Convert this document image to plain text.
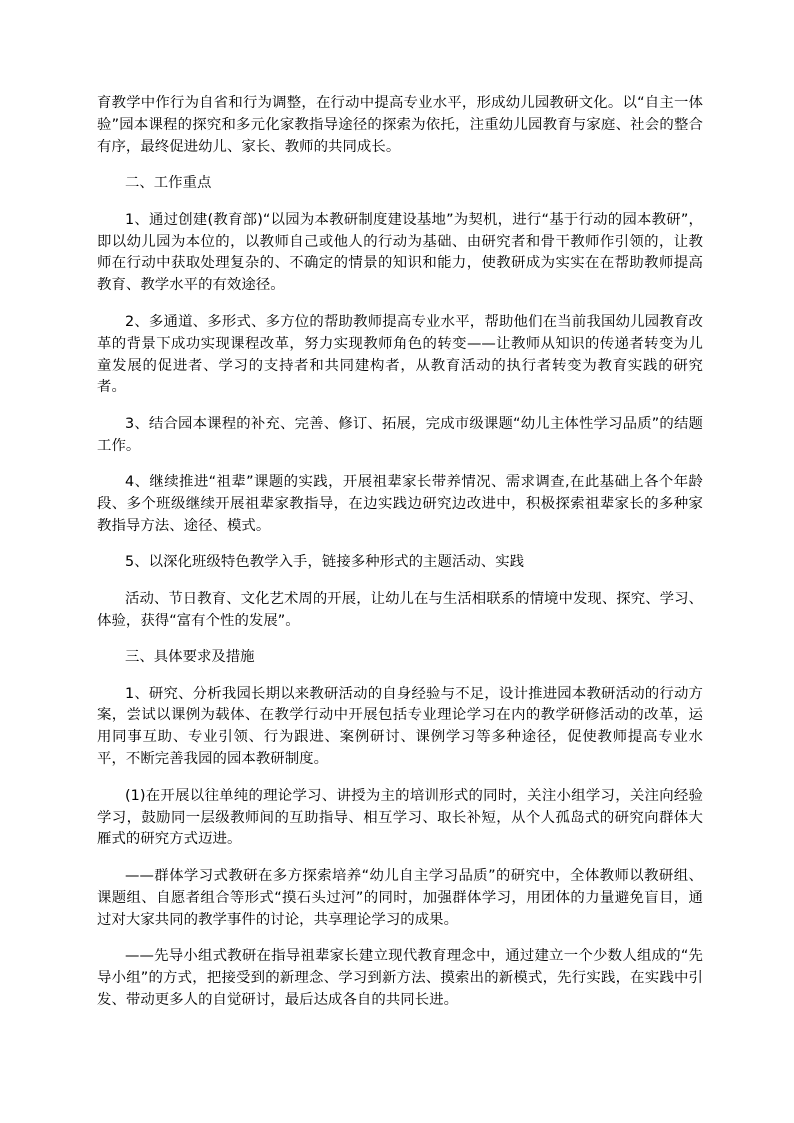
育教学中作行为自省和行为调整，在行动中提高专业水平，形成幼儿园教研文化。以“自主一体验”园本课程的探究和多元化家教指导途径的探索为依托，注重幼儿园教育与家庭、社会的整合有序，最终促进幼儿、家长、教师的共同成长。

二、工作重点

1、通过创建(教育部)“以园为本教研制度建设基地”为契机，进行“基于行动的园本教研”，即以幼儿园为本位的，以教师自己或他人的行动为基础、由研究者和骨干教师作引领的，让教师在行动中获取处理复杂的、不确定的情景的知识和能力，使教研成为实实在在帮助教师提高教育、教学水平的有效途径。

2、多通道、多形式、多方位的帮助教师提高专业水平，帮助他们在当前我国幼儿园教育改革的背景下成功实现课程改革，努力实现教师角色的转变——让教师从知识的传递者转变为儿童发展的促进者、学习的支持者和共同建构者，从教育活动的执行者转变为教育实践的研究者。

3、结合园本课程的补充、完善、修订、拓展，完成市级课题“幼儿主体性学习品质”的结题工作。

4、继续推进“祖辈”课题的实践，开展祖辈家长带养情况、需求调查,在此基础上各个年龄段、多个班级继续开展祖辈家教指导，在边实践边研究边改进中，积极探索祖辈家长的多种家教指导方法、途径、模式。

5、以深化班级特色教学入手，链接多种形式的主题活动、实践

活动、节日教育、文化艺术周的开展，让幼儿在与生活相联系的情境中发现、探究、学习、体验，获得“富有个性的发展”。

三、具体要求及措施

1、研究、分析我园长期以来教研活动的自身经验与不足，设计推进园本教研活动的行动方案，尝试以课例为载体、在教学行动中开展包括专业理论学习在内的教学研修活动的改革，运用同事互助、专业引领、行为跟进、案例研讨、课例学习等多种途径，促使教师提高专业水平，不断完善我园的园本教研制度。

(1)在开展以往单纯的理论学习、讲授为主的培训形式的同时，关注小组学习，关注向经验学习，鼓励同一层级教师间的互助指导、相互学习、取长补短，从个人孤岛式的研究向群体大雁式的研究方式迈进。

——群体学习式教研在多方探索培养“幼儿自主学习品质”的研究中，全体教师以教研组、课题组、自愿者组合等形式“摸石头过河”的同时，加强群体学习，用团体的力量避免盲目，通过对大家共同的教学事件的讨论，共享理论学习的成果。

——先导小组式教研在指导祖辈家长建立现代教育理念中，通过建立一个少数人组成的“先导小组”的方式，把接受到的新理念、学习到新方法、摸索出的新模式，先行实践，在实践中引发、带动更多人的自觉研讨，最后达成各自的共同长进。
